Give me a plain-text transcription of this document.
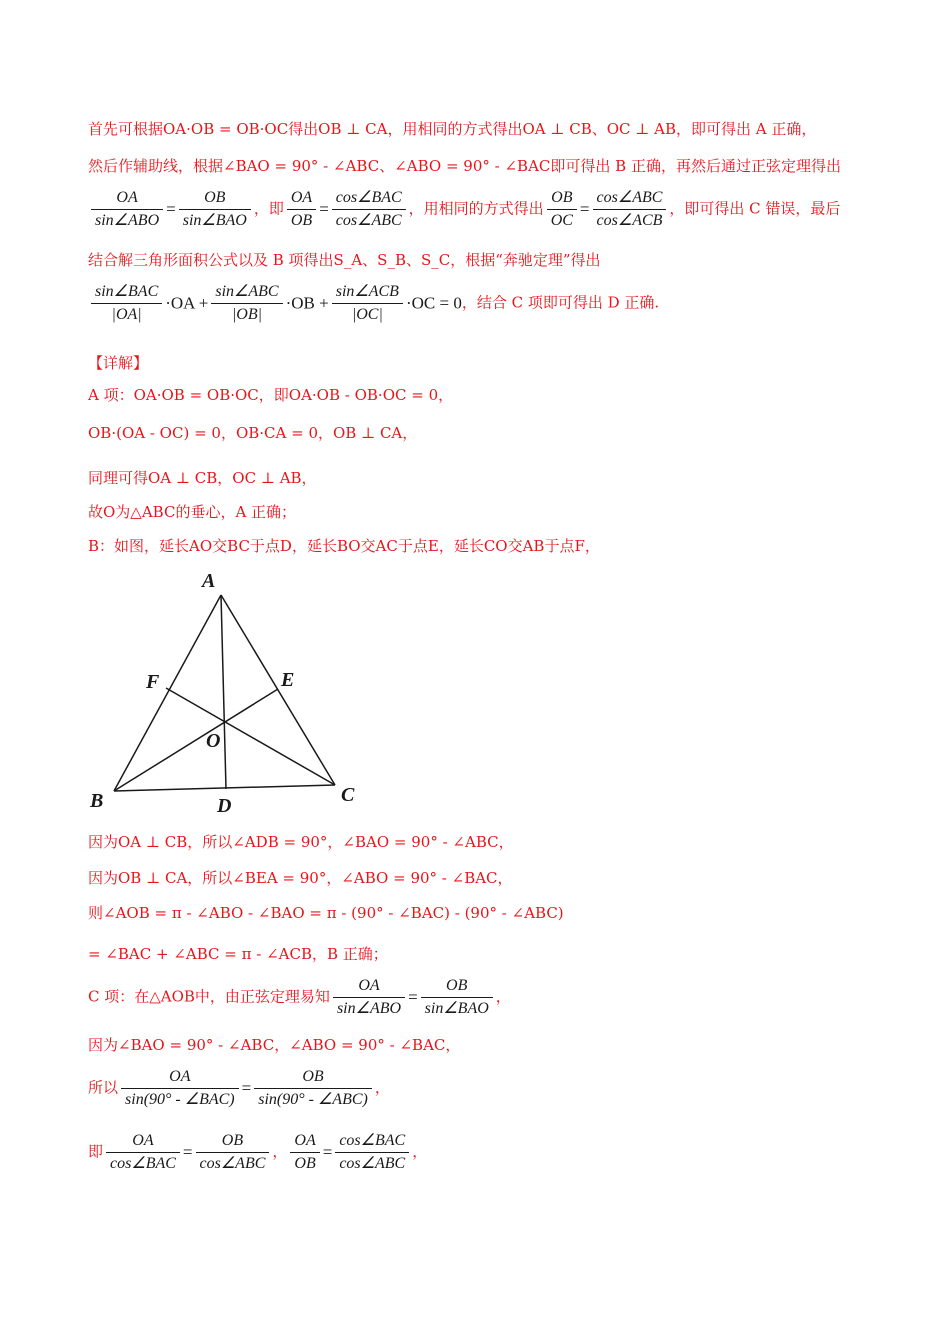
首先可根据OA·OB = OB·OC得出OB ⊥ CA，用相同的方式得出OA ⊥ CB、OC ⊥ AB，即可得出 A 正确，
然后作辅助线，根据∠BAO = 90° - ∠ABC、∠ABO = 90° - ∠BAC即可得出 B 正确，再然后通过正弦定理得出
$\frac{OA}{\text{sin∠ABO}} = \frac{OB}{\text{sin∠BAO}}$ ，即 $\frac{OA}{OB} = \frac{\text{cos∠BAC}}{\text{cos∠ABC}}$ ，用相同的方式得出 $\frac{OB}{OC} = \frac{\text{cos∠ABC}}{\text{cos∠ACB}}$ ，即可得出 C 错误，最后
结合解三角形面积公式以及 B 项得出S_A、S_B、S_C，根据“奔驰定理”得出
$\frac{\text{sin∠BAC}}{|OA|} \cdot OA + \frac{\text{sin∠ABC}}{|OB|} \cdot OB + \frac{\text{sin∠ACB}}{|OC|} \cdot OC = 0$，结合 C 项即可得出 D 正确.
【详解】
A 项：OA·OB = OB·OC，即OA·OB - OB·OC = 0，
OB·(OA - OC) = 0，OB·CA = 0，OB ⊥ CA，
同理可得OA ⊥ CB，OC ⊥ AB，
故O为△ABC的垂心，A 正确；
B：如图，延长AO交BC于点D，延长BO交AC于点E，延长CO交AB于点F，
A
B	C
D
E
F
O
因为OA ⊥ CB，所以∠ADB = 90°，∠BAO = 90° - ∠ABC，
因为OB ⊥ CA，所以∠BEA = 90°，∠ABO = 90° - ∠BAC，
则∠AOB = π - ∠ABO - ∠BAO = π - (90° - ∠BAC) - (90° - ∠ABC)
= ∠BAC + ∠ABC = π - ∠ACB，B 正确；
C 项：在△AOB中，由正弦定理易知 $\frac{OA}{\text{sin∠ABO}} = \frac{OB}{\text{sin∠BAO}}$ ，
因为∠BAO = 90° - ∠ABC，∠ABO = 90° - ∠BAC，
所以 $\frac{OA}{\text{sin(90° - ∠BAC)}} = \frac{OB}{\text{sin(90° - ∠ABC)}}$ ，
即 $\frac{OA}{\text{cos∠BAC}} = \frac{OB}{\text{cos∠ABC}}$ ， $\frac{OA}{OB} = \frac{\text{cos∠BAC}}{\text{cos∠ABC}}$ ，
